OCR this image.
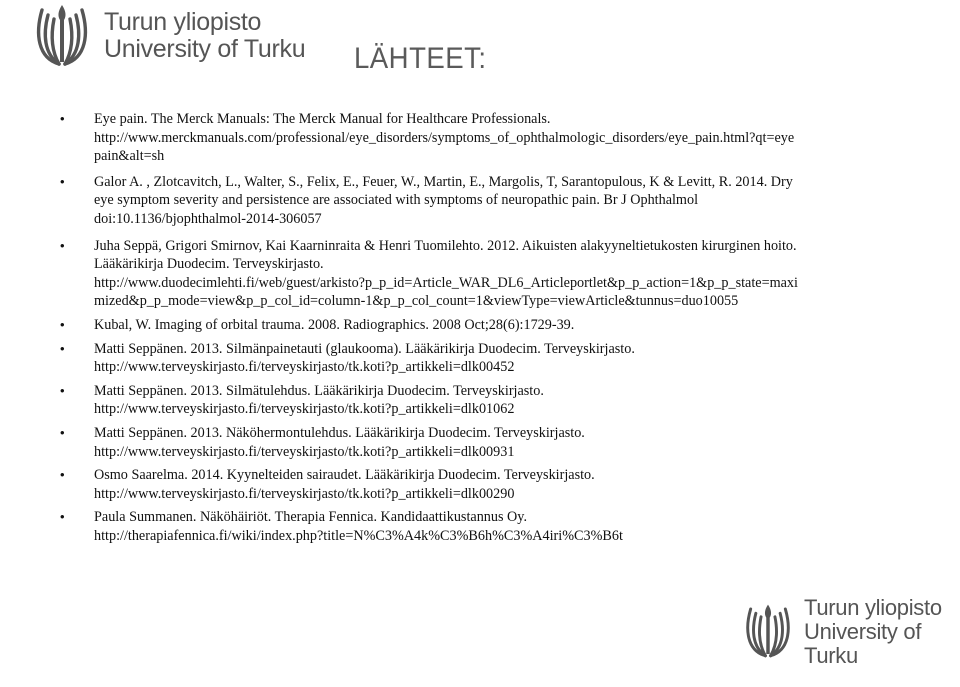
Turun yliopisto
University of Turku LÄHTEET:
• Eye pain. The Merck Manuals: The Merck Manual for Healthcare Professionals.
http://www.merckmanuals.com/professional/eye_disorders/symptoms_of_ophthalmologic_disorders/eye_pain.html?qt=eye
pain&alt=sh
• Galor A. , Zlotcavitch, L., Walter, S., Felix, E., Feuer, W., Martin, E., Margolis, T, Sarantopulous, K & Levitt, R. 2014. Dry
eye symptom severity and persistence are associated with symptoms of neuropathic pain. Br J Ophthalmol
doi:10.1136/bjophthalmol-2014-306057
• Juha Seppä, Grigori Smirnov, Kai Kaarninraita & Henri Tuomilehto. 2012. Aikuisten alakyyneltietukosten kirurginen hoito.
Lääkärikirja Duodecim. Terveyskirjasto.
http://www.duodecimlehti.fi/web/guest/arkisto?p_p_id=Article_WAR_DL6_Articleportlet&p_p_action=1&p_p_state=maxi
mized&p_p_mode=view&p_p_col_id=column-1&p_p_col_count=1&viewType=viewArticle&tunnus=duo10055
• Kubal, W. Imaging of orbital trauma. 2008. Radiographics. 2008 Oct;28(6):1729-39.
• Matti Seppänen. 2013. Silmänpainetauti (glaukooma). Lääkärikirja Duodecim. Terveyskirjasto.
http://www.terveyskirjasto.fi/terveyskirjasto/tk.koti?p_artikkeli=dlk00452
• Matti Seppänen. 2013. Silmätulehdus. Lääkärikirja Duodecim. Terveyskirjasto.
http://www.terveyskirjasto.fi/terveyskirjasto/tk.koti?p_artikkeli=dlk01062
• Matti Seppänen. 2013. Näköhermontulehdus. Lääkärikirja Duodecim. Terveyskirjasto.
http://www.terveyskirjasto.fi/terveyskirjasto/tk.koti?p_artikkeli=dlk00931
• Osmo Saarelma. 2014. Kyynelteiden sairaudet. Lääkärikirja Duodecim. Terveyskirjasto.
http://www.terveyskirjasto.fi/terveyskirjasto/tk.koti?p_artikkeli=dlk00290
• Paula Summanen. Näköhäiriöt. Therapia Fennica. Kandidaattikustannus Oy.
http://therapiafennica.fi/wiki/index.php?title=N%C3%A4k%C3%B6h%C3%A4iri%C3%B6t
Turun yliopisto
University of Turku
